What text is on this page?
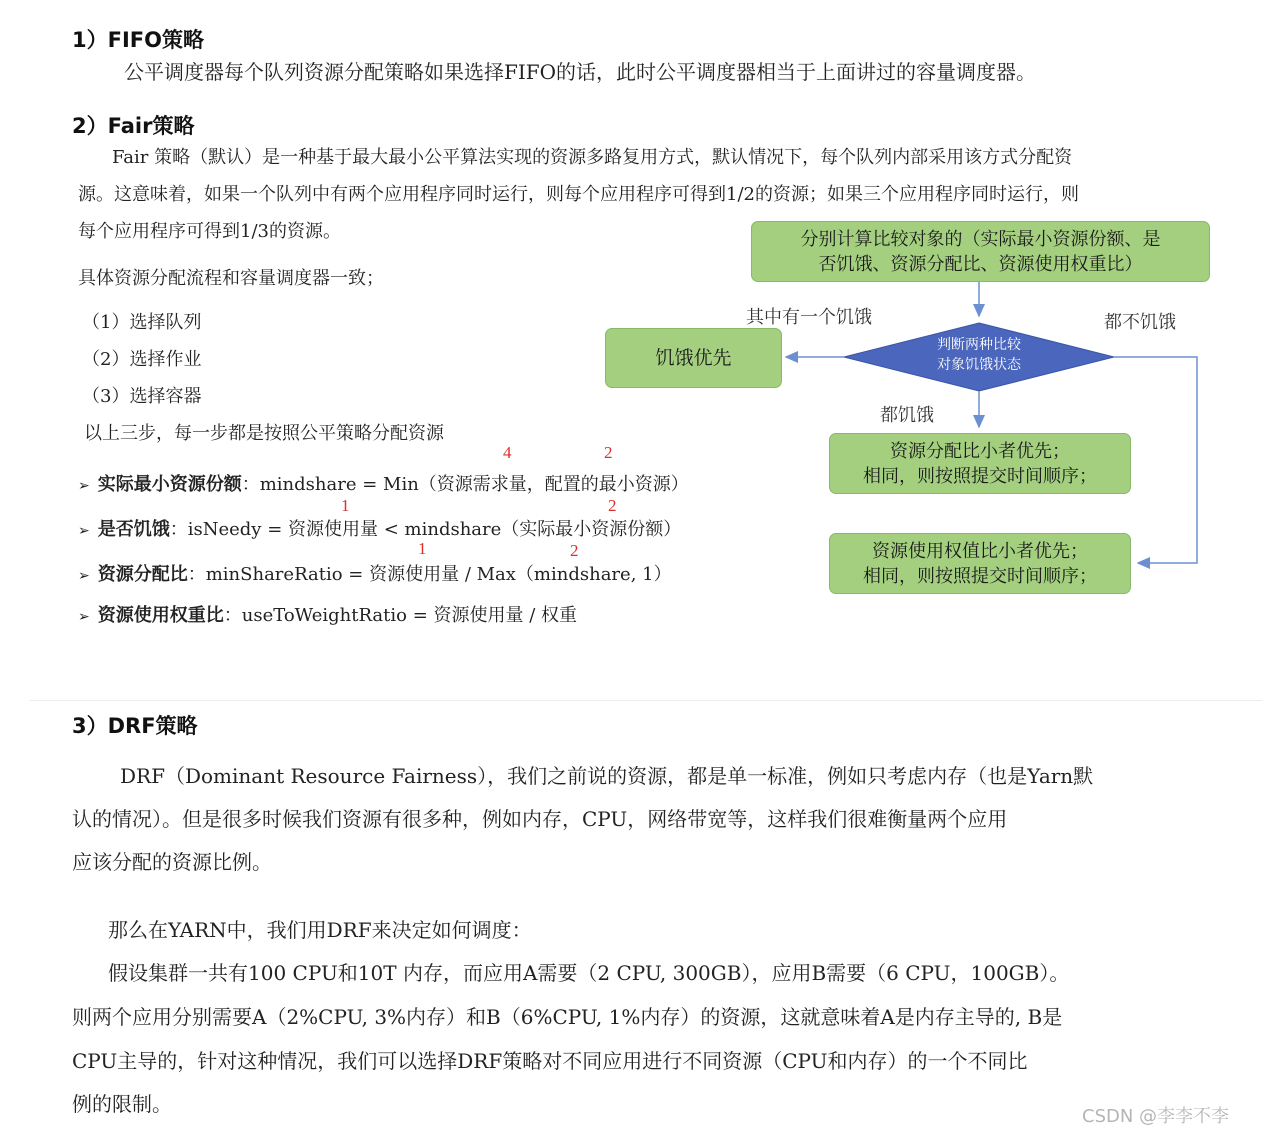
1）FIFO策略
公平调度器每个队列资源分配策略如果选择FIFO的话，此时公平调度器相当于上面讲过的容量调度器。
2）Fair策略
Fair 策略（默认）是一种基于最大最小公平算法实现的资源多路复用方式，默认情况下，每个队列内部采用该方式分配资
源。这意味着，如果一个队列中有两个应用程序同时运行，则每个应用程序可得到1/2的资源；如果三个应用程序同时运行，则
每个应用程序可得到1/3的资源。
具体资源分配流程和容量调度器一致；
（1）选择队列
（2）选择作业
（3）选择容器
以上三步，每一步都是按照公平策略分配资源
4	2
1	2
1	2
➢ 实际最小资源份额：mindshare = Min（资源需求量，配置的最小资源）
➢ 是否饥饿：isNeedy = 资源使用量 < mindshare（实际最小资源份额）
➢ 资源分配比：minShareRatio = 资源使用量 / Max（mindshare, 1）
➢ 资源使用权重比：useToWeightRatio = 资源使用量 / 权重
分别计算比较对象的（实际最小资源份额、是
否饥饿、资源分配比、资源使用权重比）
判断两种比较
对象饥饿状态
饥饿优先
资源分配比小者优先；
相同，则按照提交时间顺序；
资源使用权值比小者优先；
相同，则按照提交时间顺序；
其中有一个饥饿	都不饥饿
都饥饿
3）DRF策略
DRF（Dominant Resource Fairness），我们之前说的资源，都是单一标准，例如只考虑内存（也是Yarn默
认的情况）。但是很多时候我们资源有很多种，例如内存，CPU，网络带宽等，这样我们很难衡量两个应用
应该分配的资源比例。
那么在YARN中，我们用DRF来决定如何调度：
假设集群一共有100 CPU和10T 内存，而应用A需要（2 CPU, 300GB），应用B需要（6 CPU，100GB）。
则两个应用分别需要A（2%CPU, 3%内存）和B（6%CPU, 1%内存）的资源，这就意味着A是内存主导的, B是
CPU主导的，针对这种情况，我们可以选择DRF策略对不同应用进行不同资源（CPU和内存）的一个不同比
例的限制。
CSDN @李李不李
